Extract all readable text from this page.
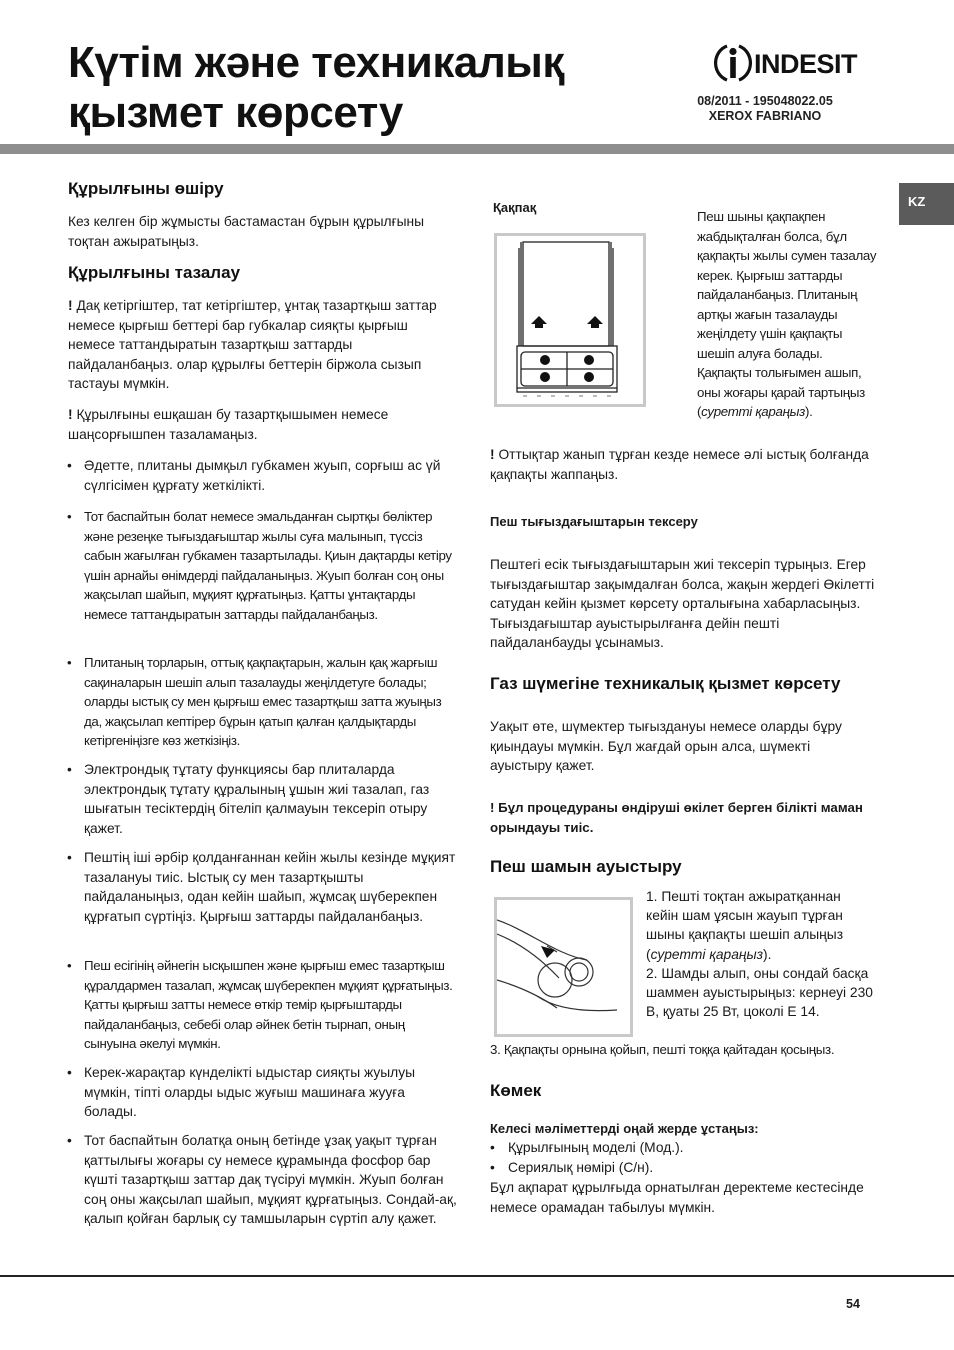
Күтім және техникалық
қызмет көрсету
INDESIT
08/2011 - 195048022.05
XEROX FABRIANO
KZ
Құрылғыны өшіру
Кез келген бір жұмысты бастамастан бұрын құрылғыны тоқтан ажыратыңыз.
Құрылғыны тазалау
! Дақ кетіргіштер, тат кетіргіштер, ұнтақ тазартқыш заттар немесе қырғыш беттері бар губкалар сияқты қырғыш немесе таттандыратын тазартқыш заттарды пайдаланбаңыз. олар құрылғы беттерін біржола сызып тастауы мүмкін.
! Құрылғыны ешқашан бу тазартқышымен немесе шаңсорғышпен тазаламаңыз.
• Әдетте, плитаны дымқыл губкамен жуып, сорғыш ас үй сүлгісімен құрғату жеткілікті.
• Тот баспайтын болат немесе эмальданған сыртқы бөліктер және резеңке тығыздағыштар жылы суға малынып, түссіз сабын жағылған губкамен тазартылады. Қиын дақтарды кетіру үшін арнайы өнімдерді пайдаланыңыз. Жуып болған соң оны жақсылап шайып, мұқият құрғатыңыз. Қатты ұнтақтарды немесе таттандыратын заттарды пайдаланбаңыз.
• Плитаның торларын, оттық қақпақтарын, жалын қақ жарғыш сақиналарын шешіп алып тазалауды жеңілдетуге болады; оларды ыстық су мен қырғыш емес тазартқыш затта жуыңыз да, жақсылап кептірер бұрын қатып қалған қалдықтарды кетіргеніңізге көз жеткізіңіз.
• Электрондық тұтату функциясы бар плиталарда электрондық тұтату құралының ұшын жиі тазалап, газ шығатын тесіктердің бітеліп қалмауын тексеріп отыру қажет.
• Пештің іші әрбір қолданғаннан кейін жылы кезінде мұқият тазалануы тиіс. Ыстық су мен тазартқышты пайдаланыңыз, одан кейін шайып, жұмсақ шүберекпен құрғатып сүртіңіз. Қырғыш заттарды пайдаланбаңыз.
• Пеш есігінің әйнегін ысқышпен және қырғыш емес тазартқыш құралдармен тазалап, жұмсақ шүберекпен мұқият құрғатыңыз. Қатты қырғыш затты немесе өткір темір қырғыштарды пайдаланбаңыз, себебі олар әйнек бетін тырнап, оның сынуына әкелуі мүмкін.
• Керек-жарақтар күнделікті ыдыстар сияқты жуылуы мүмкін, тіпті оларды ыдыс жуғыш машинаға жууға болады.
• Тот баспайтын болатқа оның бетінде ұзақ уақыт тұрған қаттылығы жоғары су немесе құрамында фосфор бар күшті тазартқыш заттар дақ түсіруі мүмкін. Жуып болған соң оны жақсылап шайып, мұқият құрғатыңыз. Сондай-ақ, қалып қойған барлық су тамшыларын сүртіп алу қажет.
Қақпақ
Пеш шыны қақпақпен жабдықталған болса, бұл қақпақты жылы сумен тазалау керек. Қырғыш заттарды пайдаланбаңыз. Плитаның артқы жағын тазалауды жеңілдету үшін қақпақты шешіп алуға болады. Қақпақты толығымен ашып, оны жоғары қарай тартыңыз (суретті қараңыз).
! Оттықтар жанып тұрған кезде немесе әлі ыстық болғанда қақпақты жаппаңыз.
Пеш тығыздағыштарын тексеру
Пештегі есік тығыздағыштарын жиі тексеріп тұрыңыз. Егер тығыздағыштар зақымдалған болса, жақын жердегі Өкілетті сатудан кейін қызмет көрсету орталығына хабарласыңыз. Тығыздағыштар ауыстырылғанға дейін пешті пайдаланбауды ұсынамыз.
Газ шүмегіне техникалық қызмет көрсету
Уақыт өте, шүмектер тығыздануы немесе оларды бұру қиындауы мүмкін. Бұл жағдай орын алса, шүмекті ауыстыру қажет.
! Бұл процедураны өндіруші өкілет берген білікті маман орындауы тиіс.
Пеш шамын ауыстыру
1. Пешті тоқтан ажыратқаннан кейін шам ұясын жауып тұрған шыны қақпақты шешіп алыңыз (суретті қараңыз).
2. Шамды алып, оны сондай басқа шаммен ауыстырыңыз: кернеуі 230 В, қуаты 25 Вт, цоколі Е 14.
3. Қақпақты орнына қойып, пешті тоққа қайтадан қосыңыз.
Көмек
Келесі мәліметтерді оңай жерде ұстаңыз:
• Құрылғының моделі (Мод.).
• Сериялық нөмірі (С/н).
Бұл ақпарат құрылғыда орнатылған деректеме кестесінде немесе орамадан табылуы мүмкін.
54
